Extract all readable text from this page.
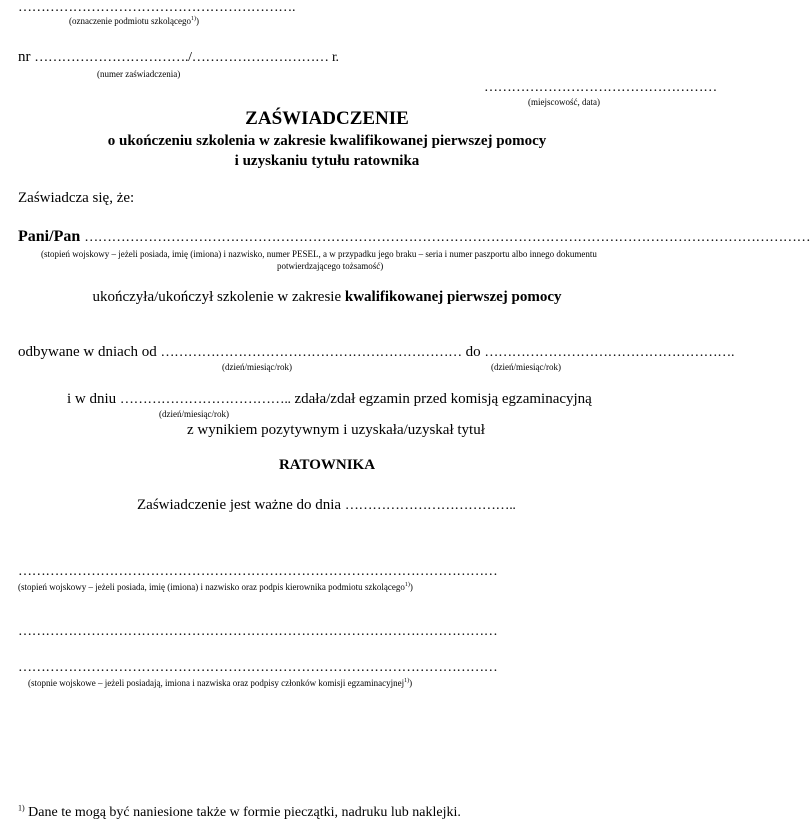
…………………………………………………….
(oznaczenie podmiotu szkolącego$^{1)}$)
nr ……………………………./………………………… r.
(numer zaświadczenia)
……………………………………………
(miejscowość, data)
ZAŚWIADCZENIE
o ukończeniu szkolenia w zakresie kwalifikowanej pierwszej pomocy
i uzyskaniu tytułu ratownika
Zaświadcza się, że:
Pani/Pan ……………………………………………………………………………………………………………………………………………
(stopień wojskowy – jeżeli posiada, imię (imiona) i nazwisko, numer PESEL, a w przypadku jego braku – seria i numer paszportu albo innego dokumentu
potwierdzającego tożsamość)
ukończyła/ukończył szkolenie w zakresie kwalifikowanej pierwszej pomocy
odbywane w dniach od ………………………………………………………… do ……………………………………………….
(dzień/miesiąc/rok)	(dzień/miesiąc/rok)
i w dniu ……………………………….. zdała/zdał egzamin przed komisją egzaminacyjną
(dzień/miesiąc/rok)
z wynikiem pozytywnym i uzyskała/uzyskał tytuł
RATOWNIKA
Zaświadczenie jest ważne do dnia ………………………………..
……………………………………………………………………………………………
(stopień wojskowy – jeżeli posiada, imię (imiona) i nazwisko oraz podpis kierownika podmiotu szkolącego$^{1)}$)
……………………………………………………………………………………………
……………………………………………………………………………………………
(stopnie wojskowe – jeżeli posiadają, imiona i nazwiska oraz podpisy członków komisji egzaminacyjnej$^{1)}$)
$^{1)}$ Dane te mogą być naniesione także w formie pieczątki, nadruku lub naklejki.
